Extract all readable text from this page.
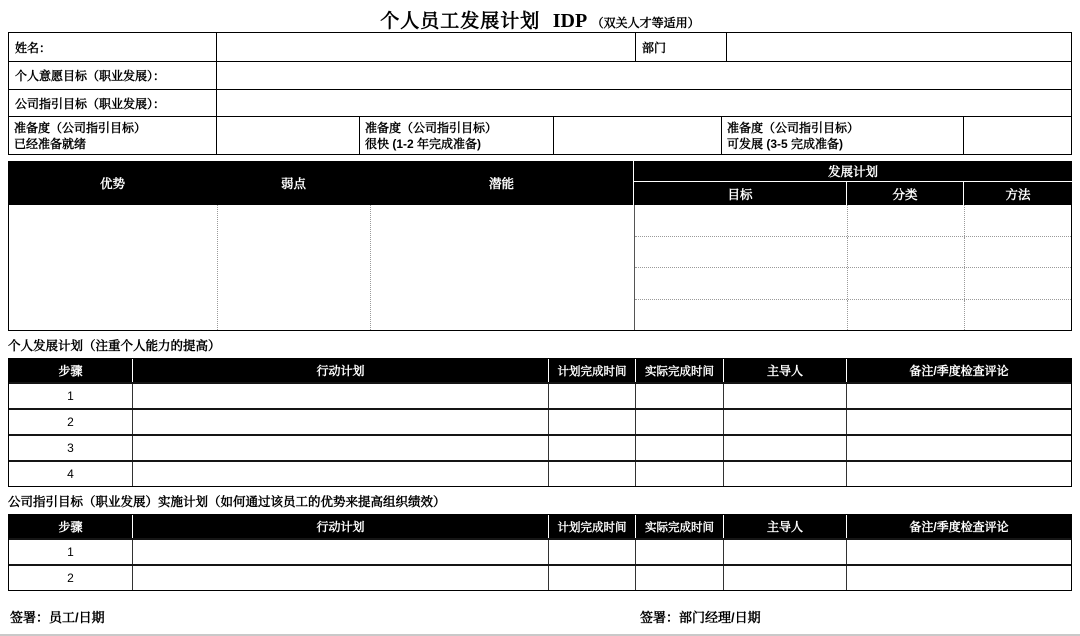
个人员工发展计划 IDP （双关人才等适用）
姓名：	部门
个人意愿目标（职业发展）：
公司指引目标（职业发展）：
准备度（公司指引目标）
已经准备就绪
准备度（公司指引目标）
很快 (1-2 年完成准备)
准备度（公司指引目标）
可发展 (3-5 完成准备)
优势	弱点	潜能
发展计划
目标	分类	方法
个人发展计划（注重个人能力的提高）
步骤	行动计划	计划完成时间	实际完成时间	主导人	备注/季度检查评论
1
2
3
4
公司指引目标（职业发展）实施计划（如何通过该员工的优势来提高组织绩效）
步骤	行动计划	计划完成时间	实际完成时间	主导人	备注/季度检查评论
1
2
签署：员工/日期	签署：部门经理/日期
